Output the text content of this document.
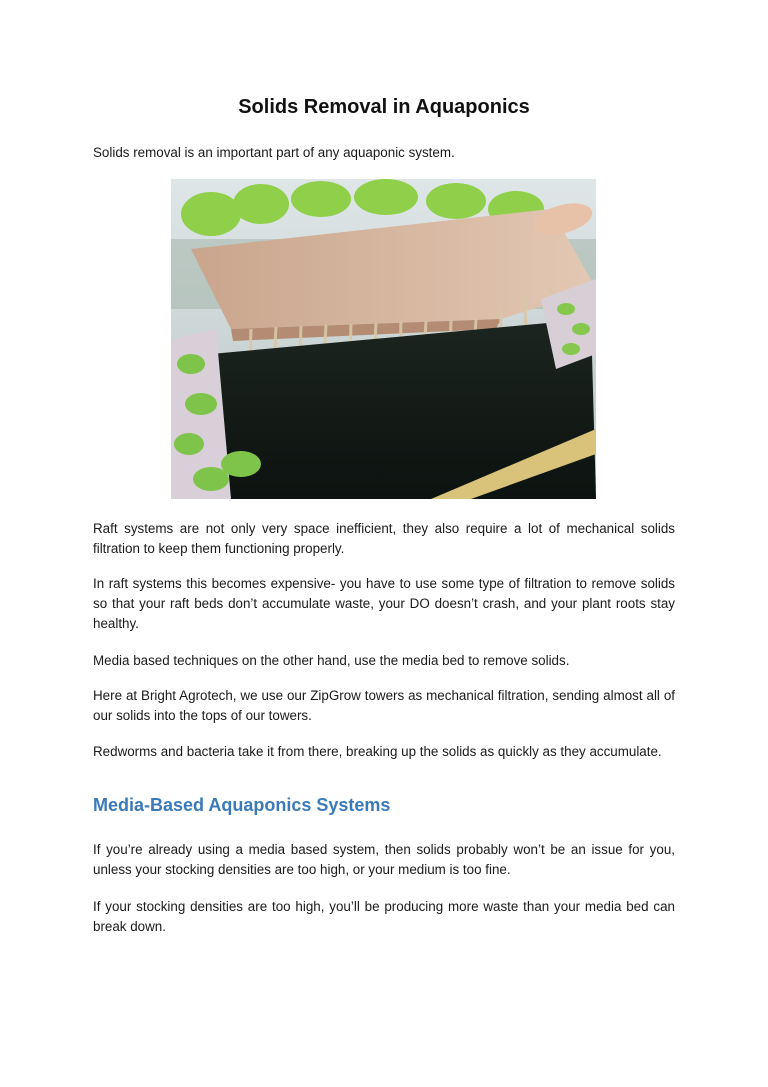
Solids Removal in Aquaponics

Solids removal is an important part of any aquaponic system.

Raft systems are not only very space inefficient, they also require a lot of mechanical solids filtration to keep them functioning properly.

In raft systems this becomes expensive- you have to use some type of filtration to remove solids so that your raft beds don’t accumulate waste, your DO doesn’t crash, and your plant roots stay healthy.

Media based techniques on the other hand, use the media bed to remove solids.

Here at Bright Agrotech, we use our ZipGrow towers as mechanical filtration, sending almost all of our solids into the tops of our towers.

Redworms and bacteria take it from there, breaking up the solids as quickly as they accumulate.

Media-Based Aquaponics Systems

If you’re already using a media based system, then solids probably won’t be an issue for you, unless your stocking densities are too high, or your medium is too fine.

If your stocking densities are too high, you’ll be producing more waste than your media bed can break down.
